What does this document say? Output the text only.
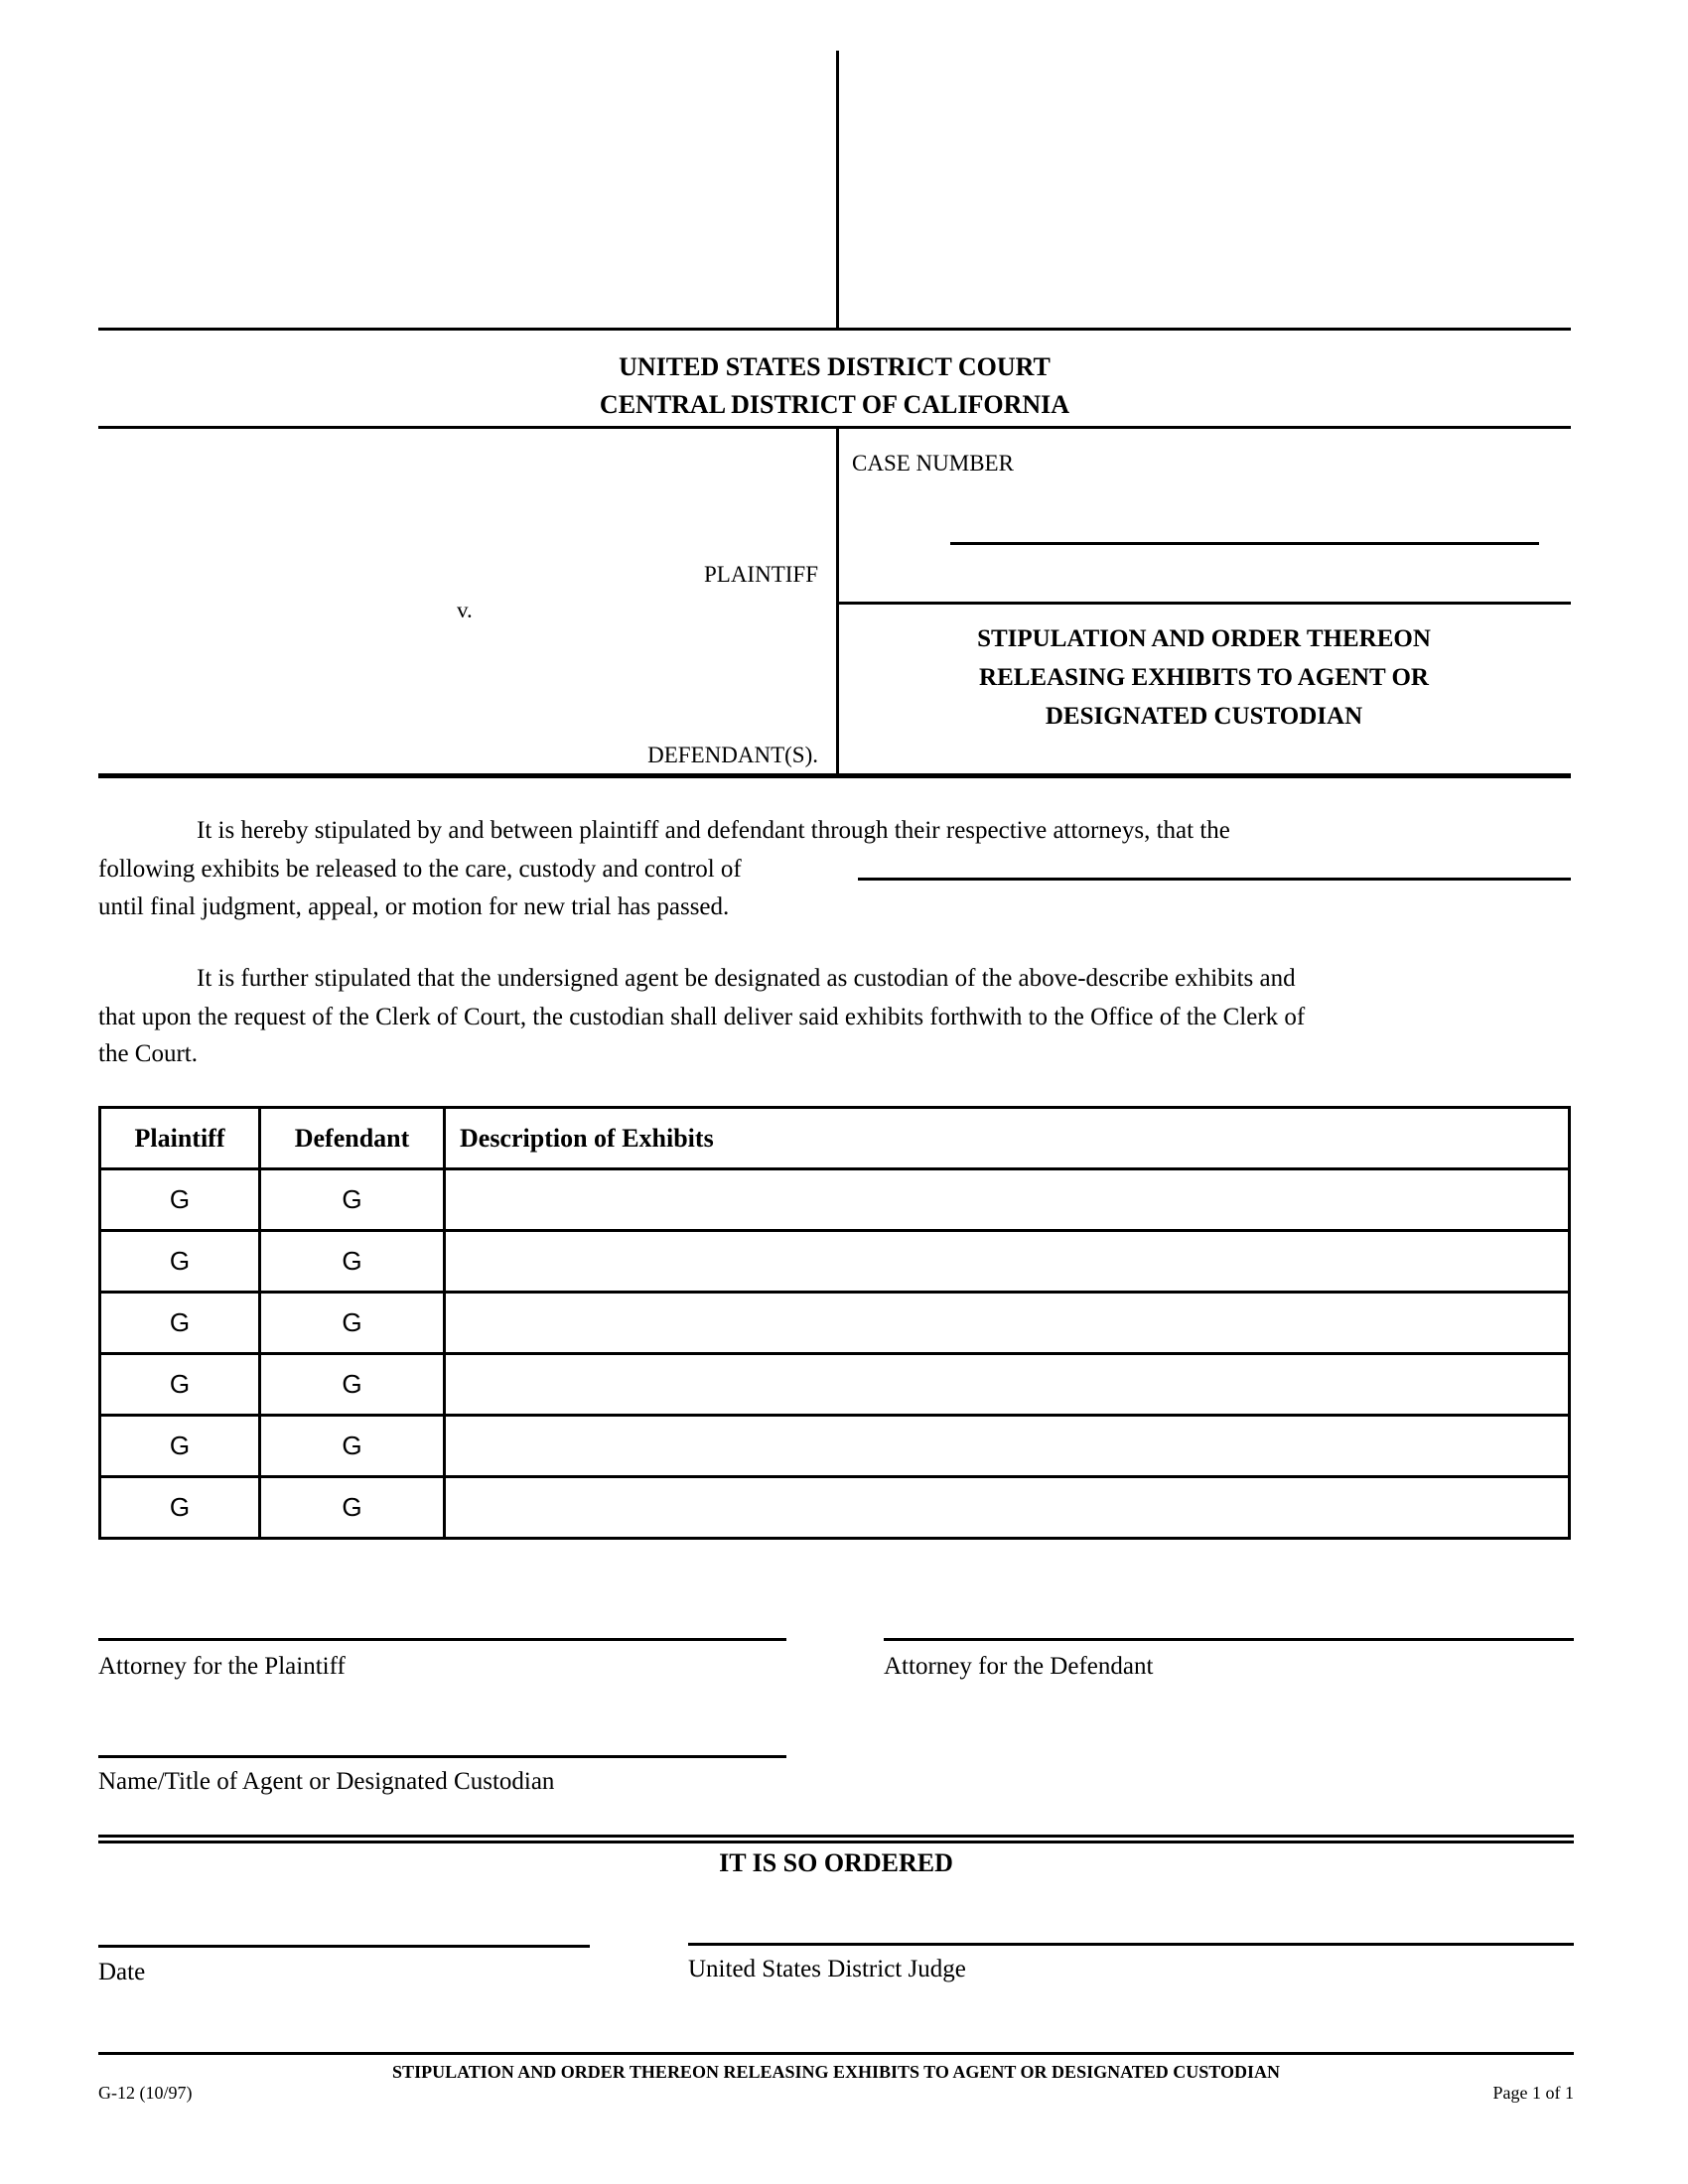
UNITED STATES DISTRICT COURT
CENTRAL DISTRICT OF CALIFORNIA
CASE NUMBER
PLAINTIFF
v.
DEFENDANT(S).
STIPULATION AND ORDER THEREON
RELEASING EXHIBITS TO AGENT OR
DESIGNATED CUSTODIAN
It is hereby stipulated by and between plaintiff and defendant through their respective attorneys, that the
following exhibits be released to the care, custody and control of
until final judgment, appeal, or motion for new trial has passed.
It is further stipulated that the undersigned agent be designated as custodian of the above-describe exhibits and
that upon the request of the Clerk of Court, the custodian shall deliver said exhibits forthwith to the Office of the Clerk of
the Court.
Plaintiff	Defendant	Description of Exhibits
G	G	
G	G	
G	G	
G	G	
G	G	
G	G	
Attorney for the Plaintiff	Attorney for the Defendant
Name/Title of Agent or Designated Custodian
IT IS SO ORDERED
Date	United States District Judge
STIPULATION AND ORDER THEREON RELEASING EXHIBITS TO AGENT OR DESIGNATED CUSTODIAN
G-12 (10/97)	Page 1 of 1
